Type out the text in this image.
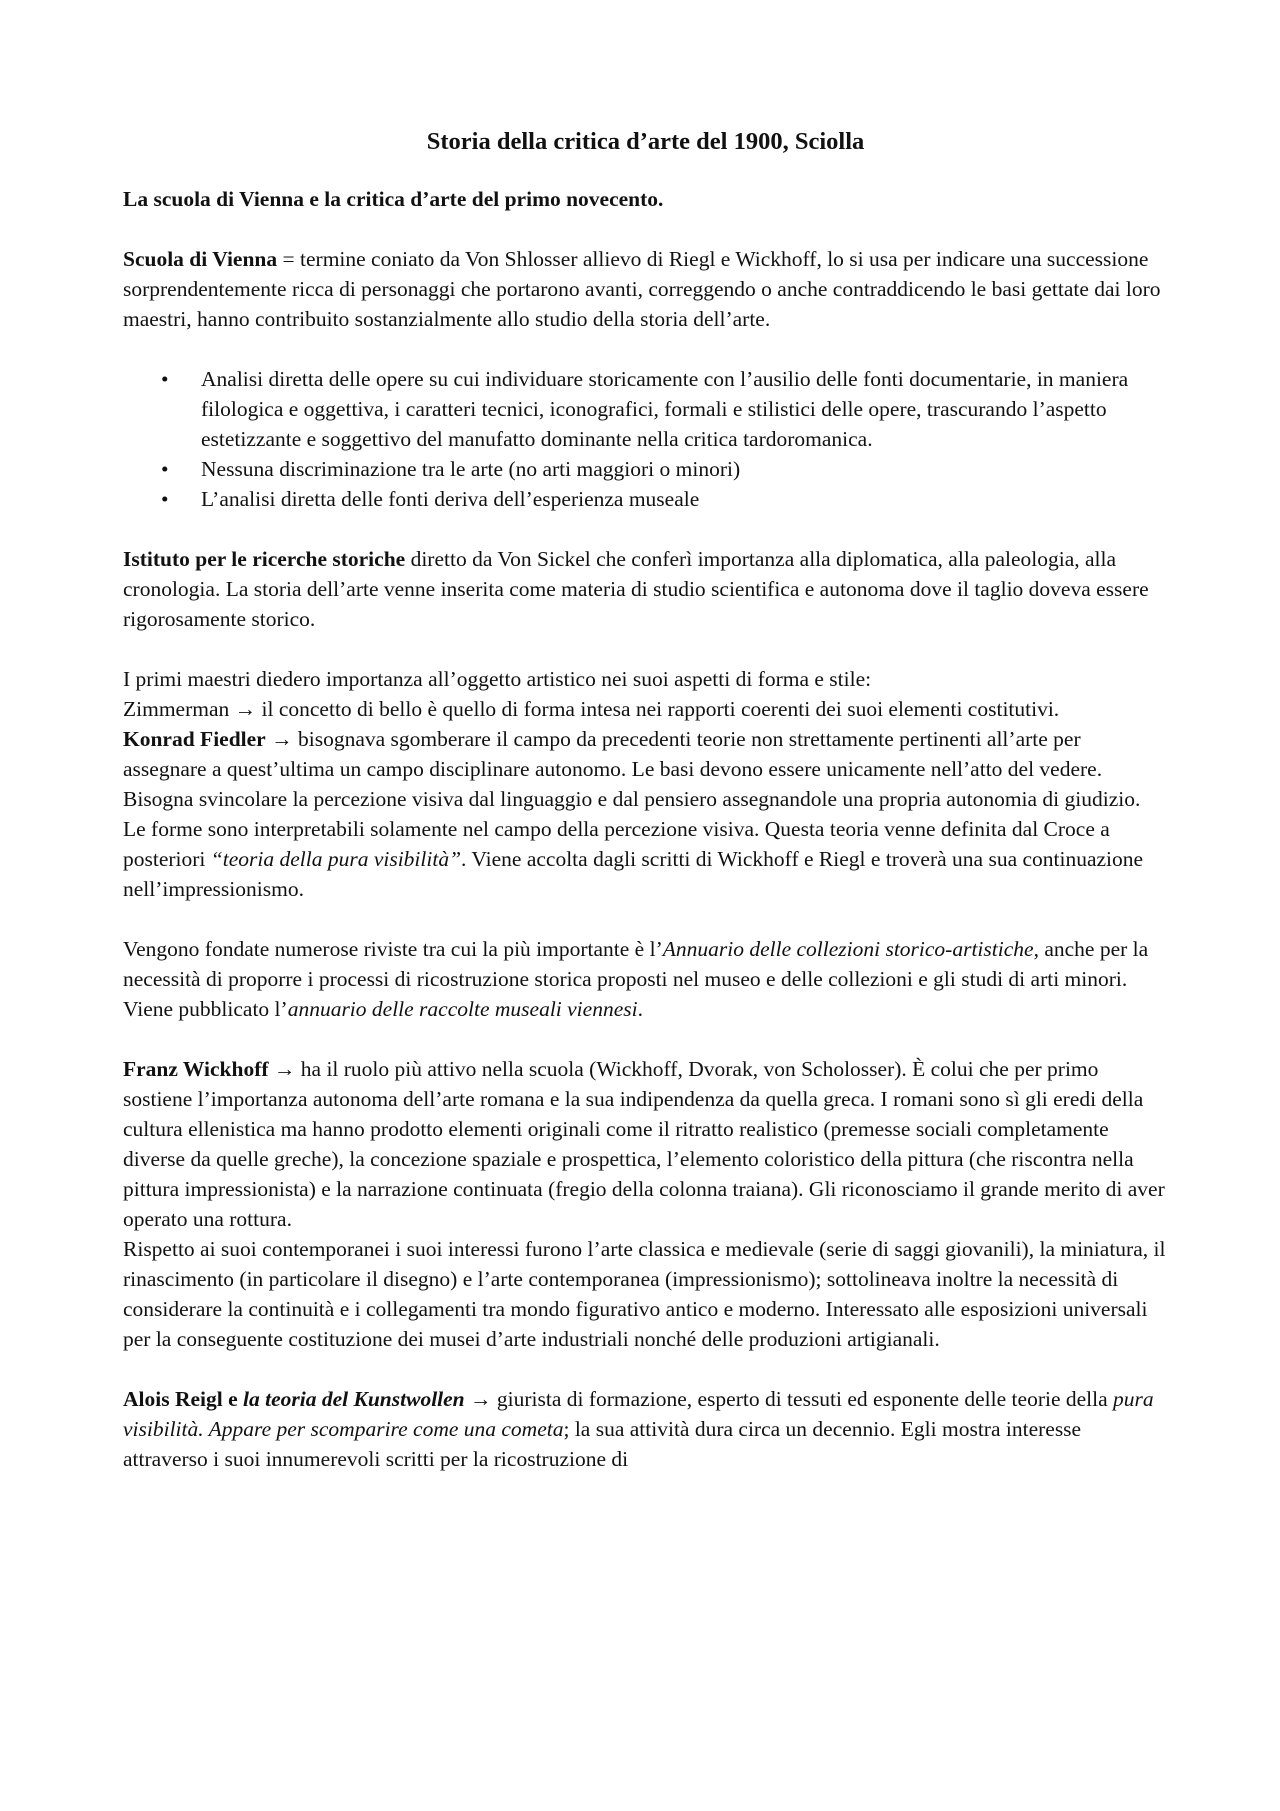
Storia della critica d’arte del 1900, Sciolla
La scuola di Vienna e la critica d’arte del primo novecento.

Scuola di Vienna = termine coniato da Von Shlosser allievo di Riegl e Wickhoff, lo si usa per indicare una successione sorprendentemente ricca di personaggi che portarono avanti, correggendo o anche contraddicendo le basi gettate dai loro maestri, hanno contribuito sostanzialmente allo studio della storia dell’arte.

• Analisi diretta delle opere su cui individuare storicamente con l’ausilio delle fonti documentarie, in maniera filologica e oggettiva, i caratteri tecnici, iconografici, formali e stilistici delle opere, trascurando l’aspetto estetizzante e soggettivo del manufatto dominante nella critica tardoromanica.
• Nessuna discriminazione tra le arte (no arti maggiori o minori)
• L’analisi diretta delle fonti deriva dell’esperienza museale

Istituto per le ricerche storiche diretto da Von Sickel che conferì importanza alla diplomatica, alla paleologia, alla cronologia. La storia dell’arte venne inserita come materia di studio scientifica e autonoma dove il taglio doveva essere rigorosamente storico.

I primi maestri diedero importanza all’oggetto artistico nei suoi aspetti di forma e stile:

Zimmerman → il concetto di bello è quello di forma intesa nei rapporti coerenti dei suoi elementi costitutivi.

Konrad Fiedler → bisognava sgomberare il campo da precedenti teorie non strettamente pertinenti all’arte per assegnare a quest’ultima un campo disciplinare autonomo. Le basi devono essere unicamente nell’atto del vedere. Bisogna svincolare la percezione visiva dal linguaggio e dal pensiero assegnandole una propria autonomia di giudizio. Le forme sono interpretabili solamente nel campo della percezione visiva. Questa teoria venne definita dal Croce a posteriori “teoria della pura visibilità”. Viene accolta dagli scritti di Wickhoff e Riegl e troverà una sua continuazione nell’impressionismo.

Vengono fondate numerose riviste tra cui la più importante è l’Annuario delle collezioni storico-artistiche, anche per la necessità di proporre i processi di ricostruzione storica proposti nel museo e delle collezioni e gli studi di arti minori. Viene pubblicato l’annuario delle raccolte museali viennesi.

Franz Wickhoff → ha il ruolo più attivo nella scuola (Wickhoff, Dvorak, von Scholosser). È colui che per primo sostiene l’importanza autonoma dell’arte romana e la sua indipendenza da quella greca. I romani sono sì gli eredi della cultura ellenistica ma hanno prodotto elementi originali come il ritratto realistico (premesse sociali completamente diverse da quelle greche), la concezione spaziale e prospettica, l’elemento coloristico della pittura (che riscontra nella pittura impressionista) e la narrazione continuata (fregio della colonna traiana). Gli riconosciamo il grande merito di aver operato una rottura.

Rispetto ai suoi contemporanei i suoi interessi furono l’arte classica e medievale (serie di saggi giovanili), la miniatura, il rinascimento (in particolare il disegno) e l’arte contemporanea (impressionismo); sottolineava inoltre la necessità di considerare la continuità e i collegamenti tra mondo figurativo antico e moderno. Interessato alle esposizioni universali per la conseguente costituzione dei musei d’arte industriali nonché delle produzioni artigianali.

Alois Reigl e la teoria del Kunstwollen → giurista di formazione, esperto di tessuti ed esponente delle teorie della pura visibilità. Appare per scomparire come una cometa; la sua attività dura circa un decennio. Egli mostra interesse attraverso i suoi innumerevoli scritti per la ricostruzione di
